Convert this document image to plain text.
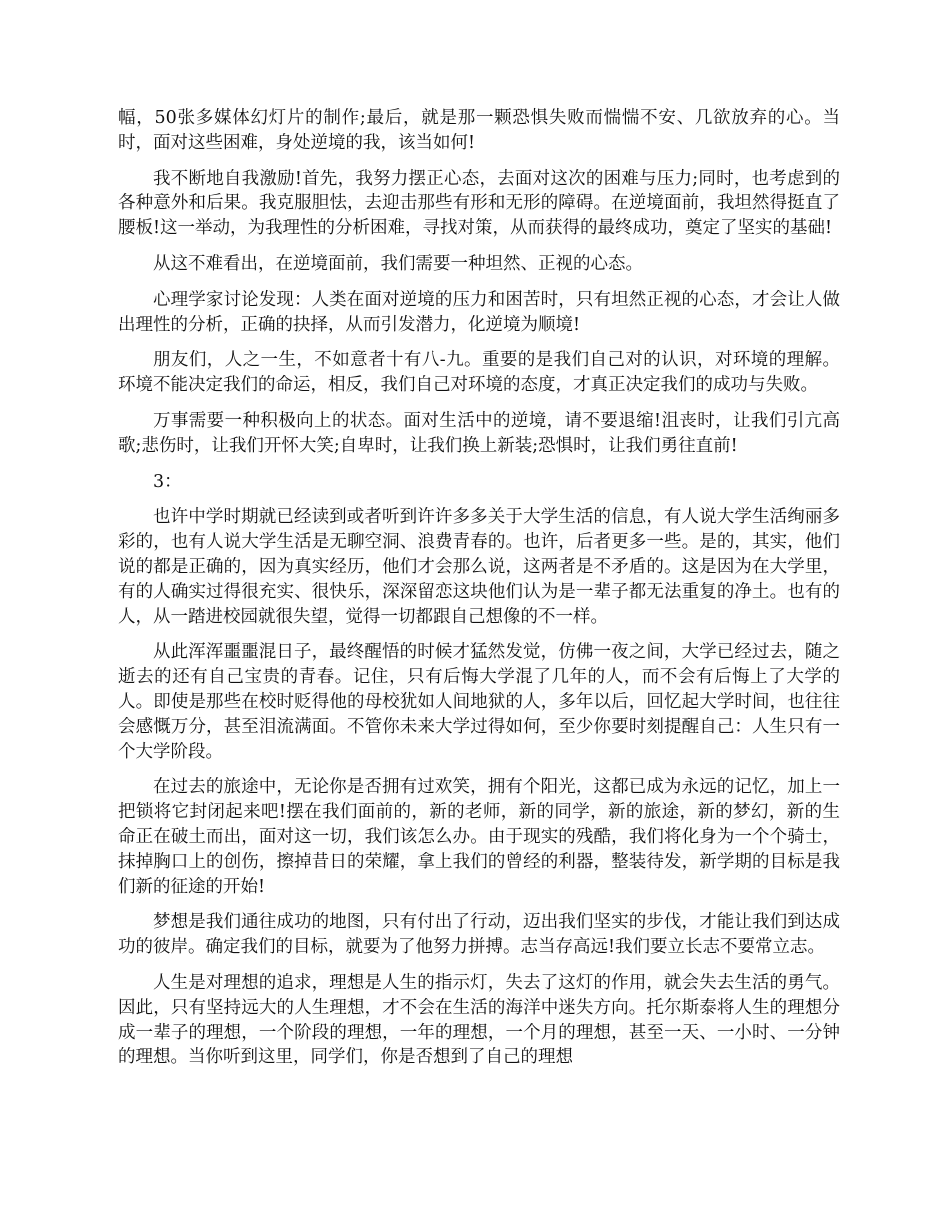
幅，50张多媒体幻灯片的制作;最后，就是那一颗恐惧失败而惴惴不安、几欲放弃的心。当时，面对这些困难，身处逆境的我，该当如何!

我不断地自我激励!首先，我努力摆正心态，去面对这次的困难与压力;同时，也考虑到的各种意外和后果。我克服胆怯，去迎击那些有形和无形的障碍。在逆境面前，我坦然得挺直了腰板!这一举动，为我理性的分析困难，寻找对策，从而获得的最终成功，奠定了坚实的基础!

从这不难看出，在逆境面前，我们需要一种坦然、正视的心态。

心理学家讨论发现：人类在面对逆境的压力和困苦时，只有坦然正视的心态，才会让人做出理性的分析，正确的抉择，从而引发潜力，化逆境为顺境!

朋友们，人之一生，不如意者十有八-九。重要的是我们自己对的认识，对环境的理解。环境不能决定我们的命运，相反，我们自己对环境的态度，才真正决定我们的成功与失败。

万事需要一种积极向上的状态。面对生活中的逆境，请不要退缩!沮丧时，让我们引亢高歌;悲伤时，让我们开怀大笑;自卑时，让我们换上新装;恐惧时，让我们勇往直前!

3：

也许中学时期就已经读到或者听到许许多多关于大学生活的信息，有人说大学生活绚丽多彩的，也有人说大学生活是无聊空洞、浪费青春的。也许，后者更多一些。是的，其实，他们说的都是正确的，因为真实经历，他们才会那么说，这两者是不矛盾的。这是因为在大学里，有的人确实过得很充实、很快乐，深深留恋这块他们认为是一辈子都无法重复的净土。也有的人，从一踏进校园就很失望，觉得一切都跟自己想像的不一样。

从此浑浑噩噩混日子，最终醒悟的时候才猛然发觉，仿佛一夜之间，大学已经过去，随之逝去的还有自己宝贵的青春。记住，只有后悔大学混了几年的人，而不会有后悔上了大学的人。即使是那些在校时贬得他的母校犹如人间地狱的人，多年以后，回忆起大学时间，也往往会感慨万分，甚至泪流满面。不管你未来大学过得如何，至少你要时刻提醒自己：人生只有一个大学阶段。

在过去的旅途中，无论你是否拥有过欢笑，拥有个阳光，这都已成为永远的记忆，加上一把锁将它封闭起来吧!摆在我们面前的，新的老师，新的同学，新的旅途，新的梦幻，新的生命正在破土而出，面对这一切，我们该怎么办。由于现实的残酷，我们将化身为一个个骑士，抹掉胸口上的创伤，擦掉昔日的荣耀，拿上我们的曾经的利器，整装待发，新学期的目标是我们新的征途的开始!

梦想是我们通往成功的地图，只有付出了行动，迈出我们坚实的步伐，才能让我们到达成功的彼岸。确定我们的目标，就要为了他努力拼搏。志当存高远!我们要立长志不要常立志。

人生是对理想的追求，理想是人生的指示灯，失去了这灯的作用，就会失去生活的勇气。因此，只有坚持远大的人生理想，才不会在生活的海洋中迷失方向。托尔斯泰将人生的理想分成一辈子的理想，一个阶段的理想，一年的理想，一个月的理想，甚至一天、一小时、一分钟的理想。当你听到这里，同学们，你是否想到了自己的理想
